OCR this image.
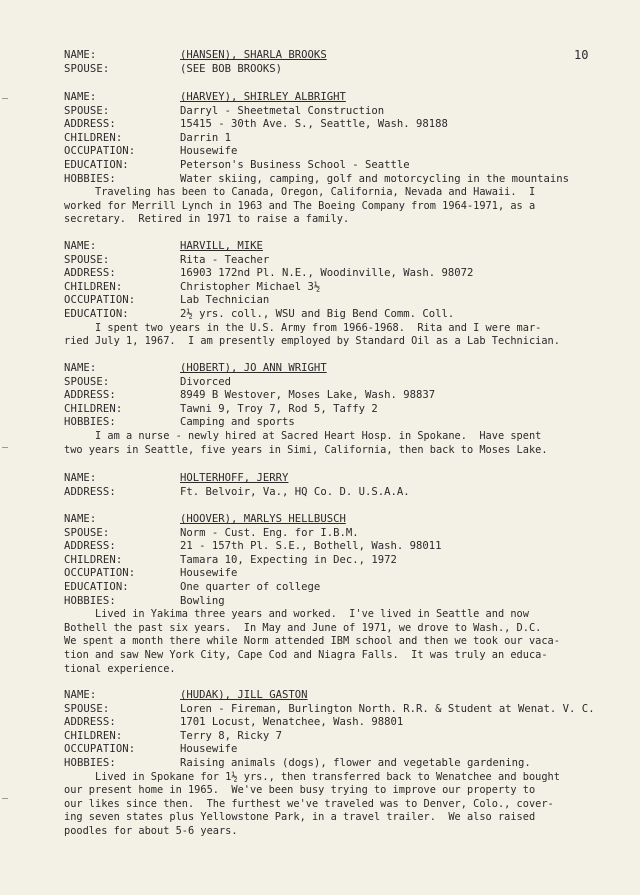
10
NAME:	(HANSEN), SHARLA BROOKS
SPOUSE:	(SEE BOB BROOKS)
NAME:	(HARVEY), SHIRLEY ALBRIGHT
SPOUSE:	Darryl - Sheetmetal Construction
ADDRESS:	15415 - 30th Ave. S., Seattle, Wash. 98188
CHILDREN:	Darrin 1
OCCUPATION:	Housewife
EDUCATION:	Peterson's Business School - Seattle
HOBBIES:	Water skiing, camping, golf and motorcycling in the mountains
Traveling has been to Canada, Oregon, California, Nevada and Hawaii.  I
worked for Merrill Lynch in 1963 and The Boeing Company from 1964-1971, as a
secretary.  Retired in 1971 to raise a family.
NAME:	HARVILL, MIKE
SPOUSE:	Rita - Teacher
ADDRESS:	16903 172nd Pl. N.E., Woodinville, Wash. 98072
CHILDREN:	Christopher Michael 3½
OCCUPATION:	Lab Technician
EDUCATION:	2½ yrs. coll., WSU and Big Bend Comm. Coll.
I spent two years in the U.S. Army from 1966-1968.  Rita and I were mar-
ried July 1, 1967.  I am presently employed by Standard Oil as a Lab Technician.
NAME:	(HOBERT), JO ANN WRIGHT
SPOUSE:	Divorced
ADDRESS:	8949 B Westover, Moses Lake, Wash. 98837
CHILDREN:	Tawni 9, Troy 7, Rod 5, Taffy 2
HOBBIES:	Camping and sports
I am a nurse - newly hired at Sacred Heart Hosp. in Spokane.  Have spent
two years in Seattle, five years in Simi, California, then back to Moses Lake.
NAME:	HOLTERHOFF, JERRY
ADDRESS:	Ft. Belvoir, Va., HQ Co. D. U.S.A.A.
NAME:	(HOOVER), MARLYS HELLBUSCH
SPOUSE:	Norm - Cust. Eng. for I.B.M.
ADDRESS:	21 - 157th Pl. S.E., Bothell, Wash. 98011
CHILDREN:	Tamara 10, Expecting in Dec., 1972
OCCUPATION:	Housewife
EDUCATION:	One quarter of college
HOBBIES:	Bowling
Lived in Yakima three years and worked.  I've lived in Seattle and now
Bothell the past six years.  In May and June of 1971, we drove to Wash., D.C.
We spent a month there while Norm attended IBM school and then we took our vaca-
tion and saw New York City, Cape Cod and Niagra Falls.  It was truly an educa-
tional experience.
NAME:	(HUDAK), JILL GASTON
SPOUSE:	Loren - Fireman, Burlington North. R.R. & Student at Wenat. V. C.
ADDRESS:	1701 Locust, Wenatchee, Wash. 98801
CHILDREN:	Terry 8, Ricky 7
OCCUPATION:	Housewife
HOBBIES:	Raising animals (dogs), flower and vegetable gardening.
Lived in Spokane for 1½ yrs., then transferred back to Wenatchee and bought
our present home in 1965.  We've been busy trying to improve our property to
our likes since then.  The furthest we've traveled was to Denver, Colo., cover-
ing seven states plus Yellowstone Park, in a travel trailer.  We also raised
poodles for about 5-6 years.
